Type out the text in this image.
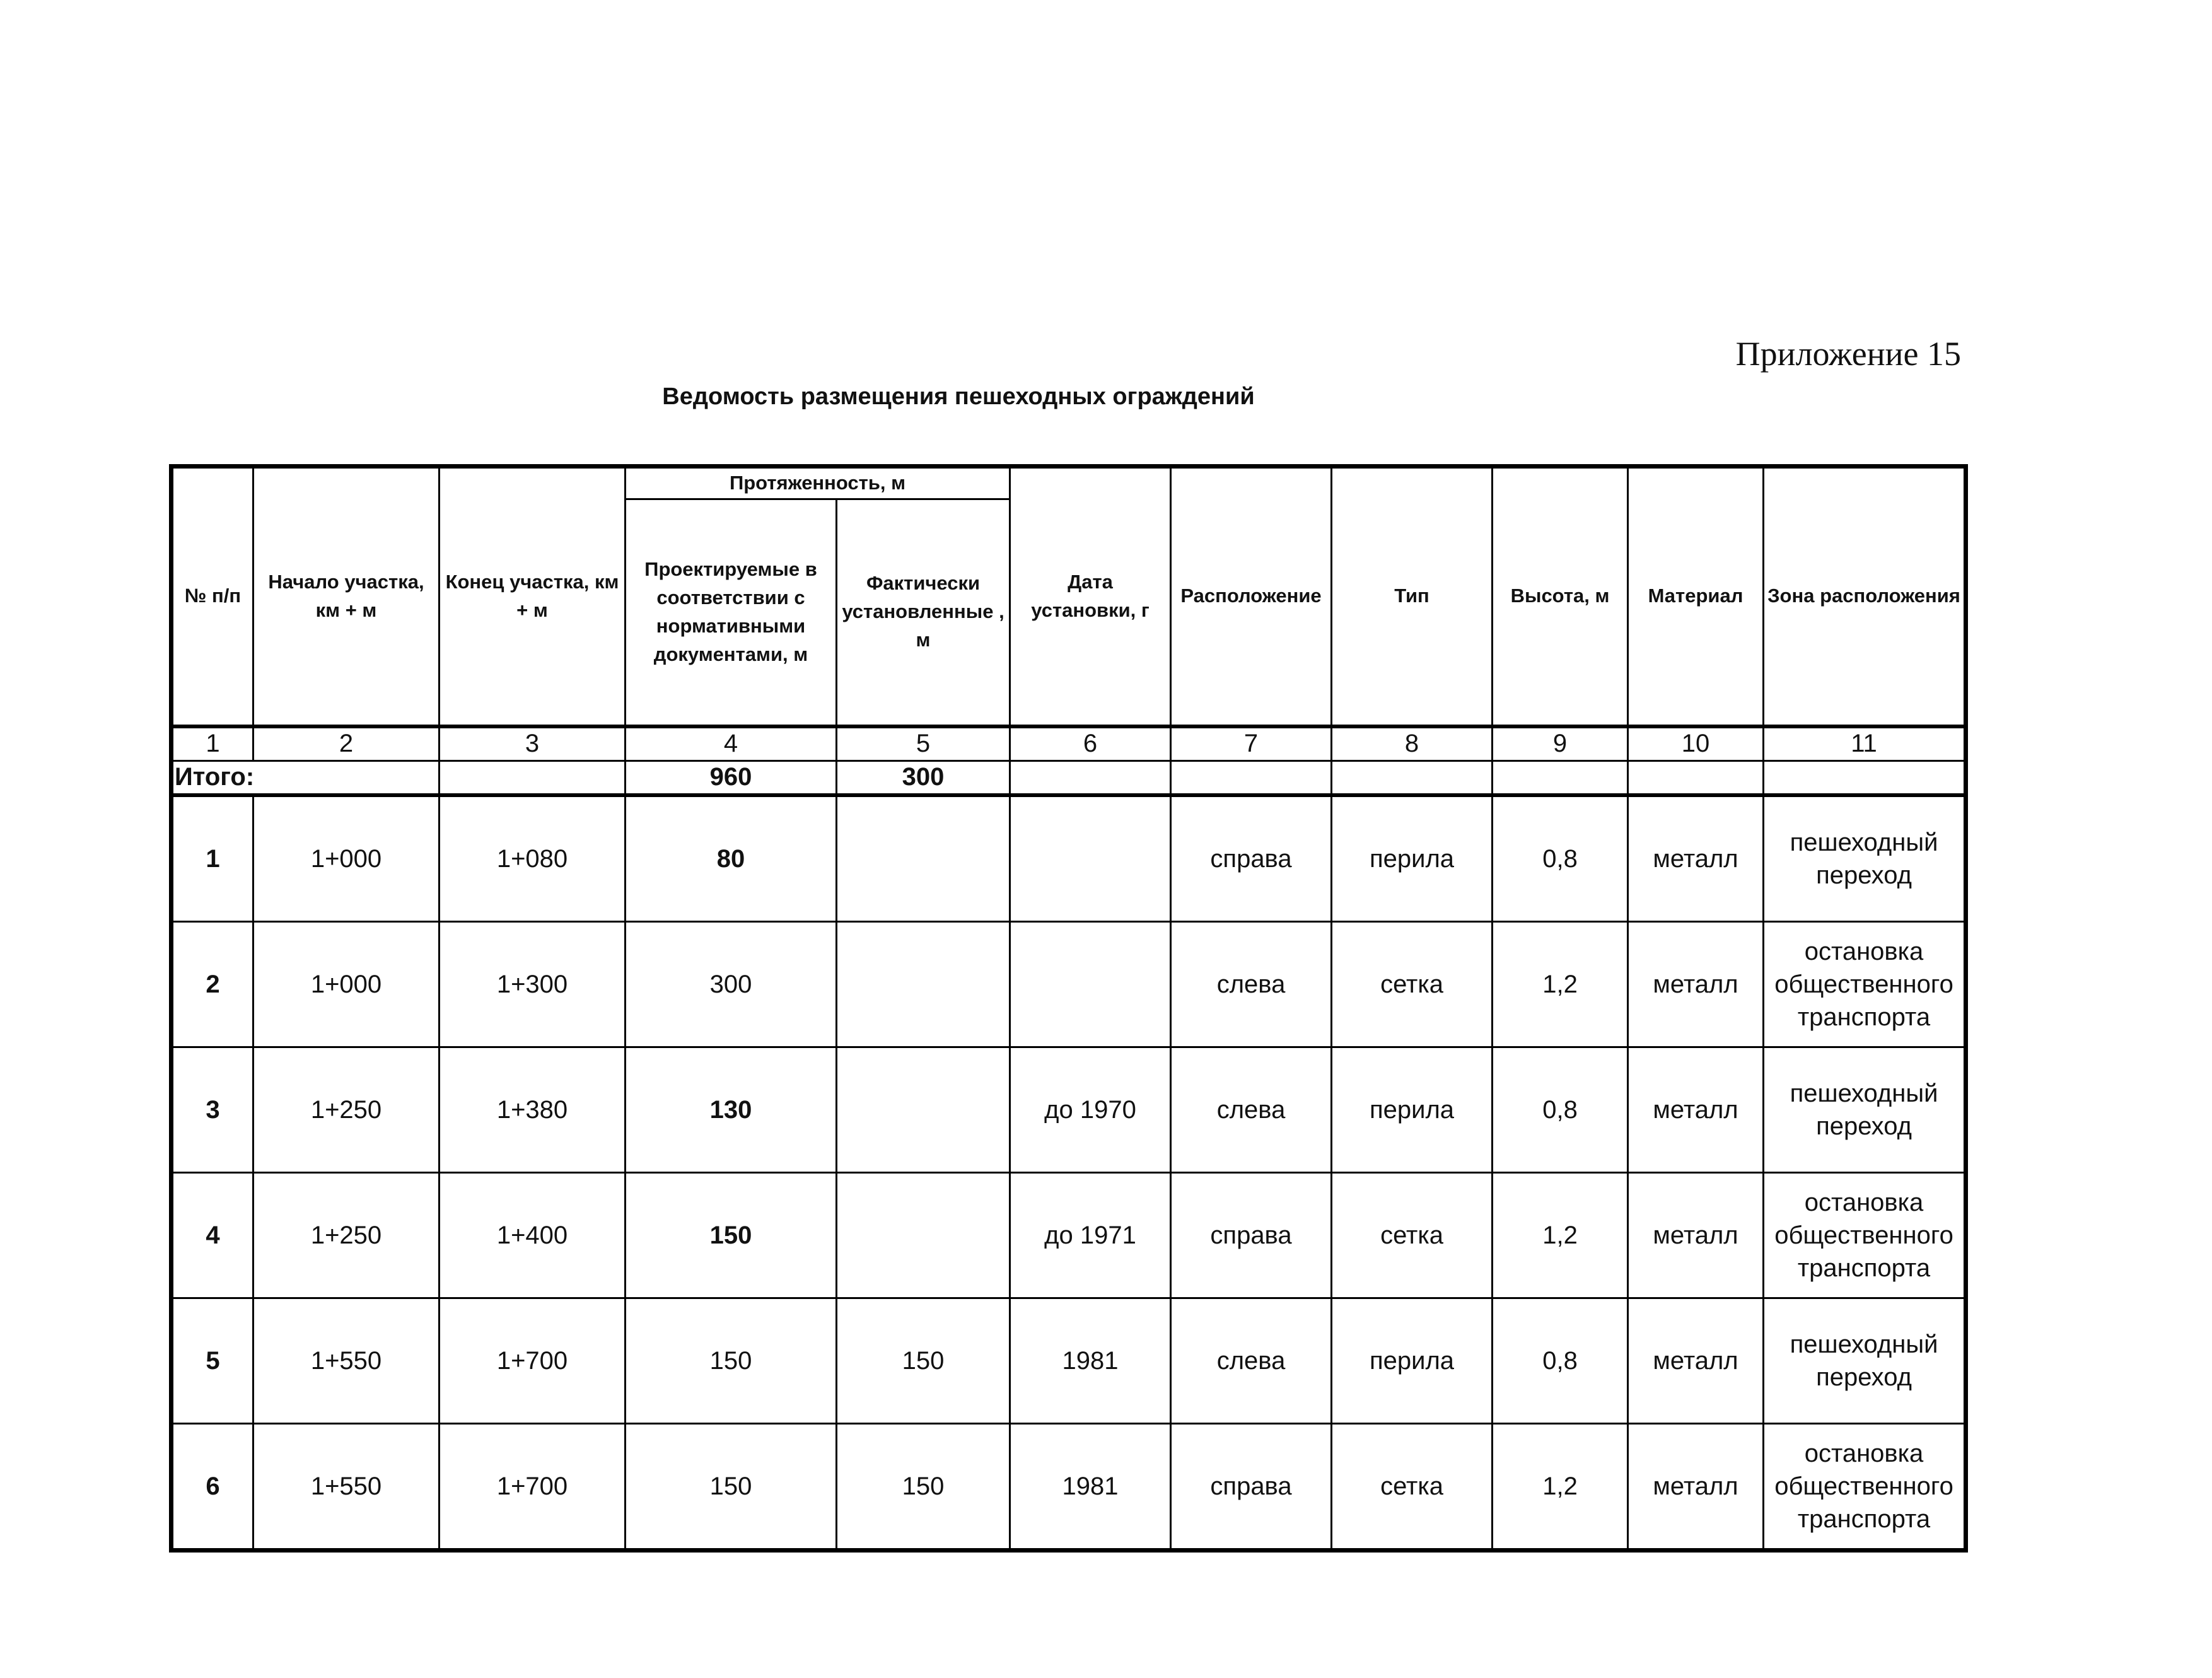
Приложение 15
Ведомость размещения пешеходных ограждений
№ п/п	Начало участка, км + м	Конец участка, км + м	Протяженность, м		Дата установки, г	Расположение	Тип	Высота, м	Материал	Зона расположения
			Проектируемые в соответствии с нормативными документами, м	Фактически установленные , м						
1	2	3	4	5	6	7	8	9	10	11
Итого:			960	300						
1	1+000	1+080	80			справа	перила	0,8	металл	пешеходный переход
2	1+000	1+300	300			слева	сетка	1,2	металл	остановка общественного транспорта
3	1+250	1+380	130		до 1970	слева	перила	0,8	металл	пешеходный переход
4	1+250	1+400	150		до 1971	справа	сетка	1,2	металл	остановка общественного транспорта
5	1+550	1+700	150	150	1981	слева	перила	0,8	металл	пешеходный переход
6	1+550	1+700	150	150	1981	справа	сетка	1,2	металл	остановка общественного транспорта
